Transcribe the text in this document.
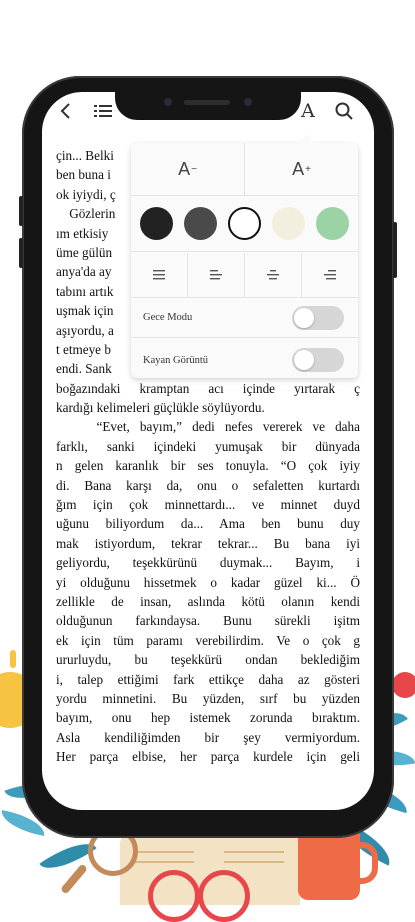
çin... Belki
ben buna i
ok iyiydi, ç
Gözlerin
ım etkisiy
üme gülün
anya'da ay
tabını artık
uşmak için
aşıyordu, a
t etmeye b
endi. Sank
boğazındaki kramptan acı içinde yırtarak ç
kardığı kelimeleri güçlükle söylüyordu.
“Evet, bayım,” dedi nefes vererek ve daha
farklı, sanki içindeki yumuşak bir dünyada
n gelen karanlık bir ses tonuyla. “O çok iyiy
di. Bana karşı da, onu o sefaletten kurtardı
ğım için çok minnettardı... ve minnet duyd
uğunu biliyordum da... Ama ben bunu duy
mak istiyordum, tekrar tekrar... Bu bana iyi
geliyordu, teşekkürünü duymak... Bayım, i
yi olduğunu hissetmek o kadar güzel ki... Ö
zellikle de insan, aslında kötü olanın kendi
olduğunun farkındaysa. Bunu sürekli işitm
ek için tüm paramı verebilirdim. Ve o çok g
ururluydu, bu teşekkürü ondan beklediğim
i, talep ettiğimi fark ettikçe daha az gösteri
yordu minnetini. Bu yüzden, sırf bu yüzden
bayım, onu hep istemek zorunda bıraktım.
Asla kendiliğimden bir şey vermiyordum.
Her parça elbise, her parça kurdele için geli
A
A −	A +
Gece Modu
Kayan Görüntü
